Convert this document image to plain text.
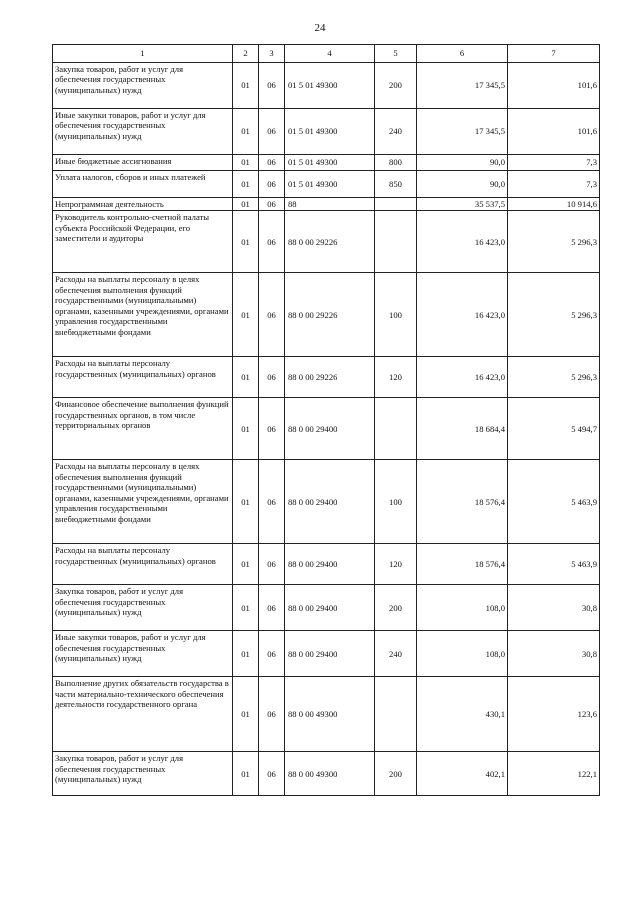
24
1	2	3	4	5	6	7
Закупка товаров, работ и услуг для обеспечения государственных (муниципальных) нужд	01	06	01 5 01 49300	200	17 345,5	101,6
Иные закупки товаров, работ и услуг для обеспечения государственных (муниципальных) нужд	01	06	01 5 01 49300	240	17 345,5	101,6
Иные бюджетные ассигнования	01	06	01 5 01 49300	800	90,0	7,3
Уплата налогов, сборов и иных платежей	01	06	01 5 01 49300	850	90,0	7,3
Непрограммная деятельность	01	06	88		35 537,5	10 914,6
Руководитель контрольно-счетной палаты субъекта Российской Федерации, его заместители и аудиторы	01	06	88 0 00 29226		16 423,0	5 296,3
Расходы на выплаты персоналу в целях обеспечения выполнения функций государственными (муниципальными) органами, казенными учреждениями, органами управления государственными внебюджетными фондами	01	06	88 0 00 29226	100	16 423,0	5 296,3
Расходы на выплаты персоналу государственных (муниципальных) органов	01	06	88 0 00 29226	120	16 423,0	5 296,3
Финансовое обеспечение выполнения функций государственных органов, в том числе территориальных органов	01	06	88 0 00 29400		18 684,4	5 494,7
Расходы на выплаты персоналу в целях обеспечения выполнения функций государственными (муниципальными) органами, казенными учреждениями, органами управления государственными внебюджетными фондами	01	06	88 0 00 29400	100	18 576,4	5 463,9
Расходы на выплаты персоналу государственных (муниципальных) органов	01	06	88 0 00 29400	120	18 576,4	5 463,9
Закупка товаров, работ и услуг для обеспечения государственных (муниципальных) нужд	01	06	88 0 00 29400	200	108,0	30,8
Иные закупки товаров, работ и услуг для обеспечения государственных (муниципальных) нужд	01	06	88 0 00 29400	240	108,0	30,8
Выполнение других обязательств государства в части материально-технического обеспечения деятельности государственного органа	01	06	88 0 00 49300		430,1	123,6
Закупка товаров, работ и услуг для обеспечения государственных (муниципальных) нужд	01	06	88 0 00 49300	200	402,1	122,1
